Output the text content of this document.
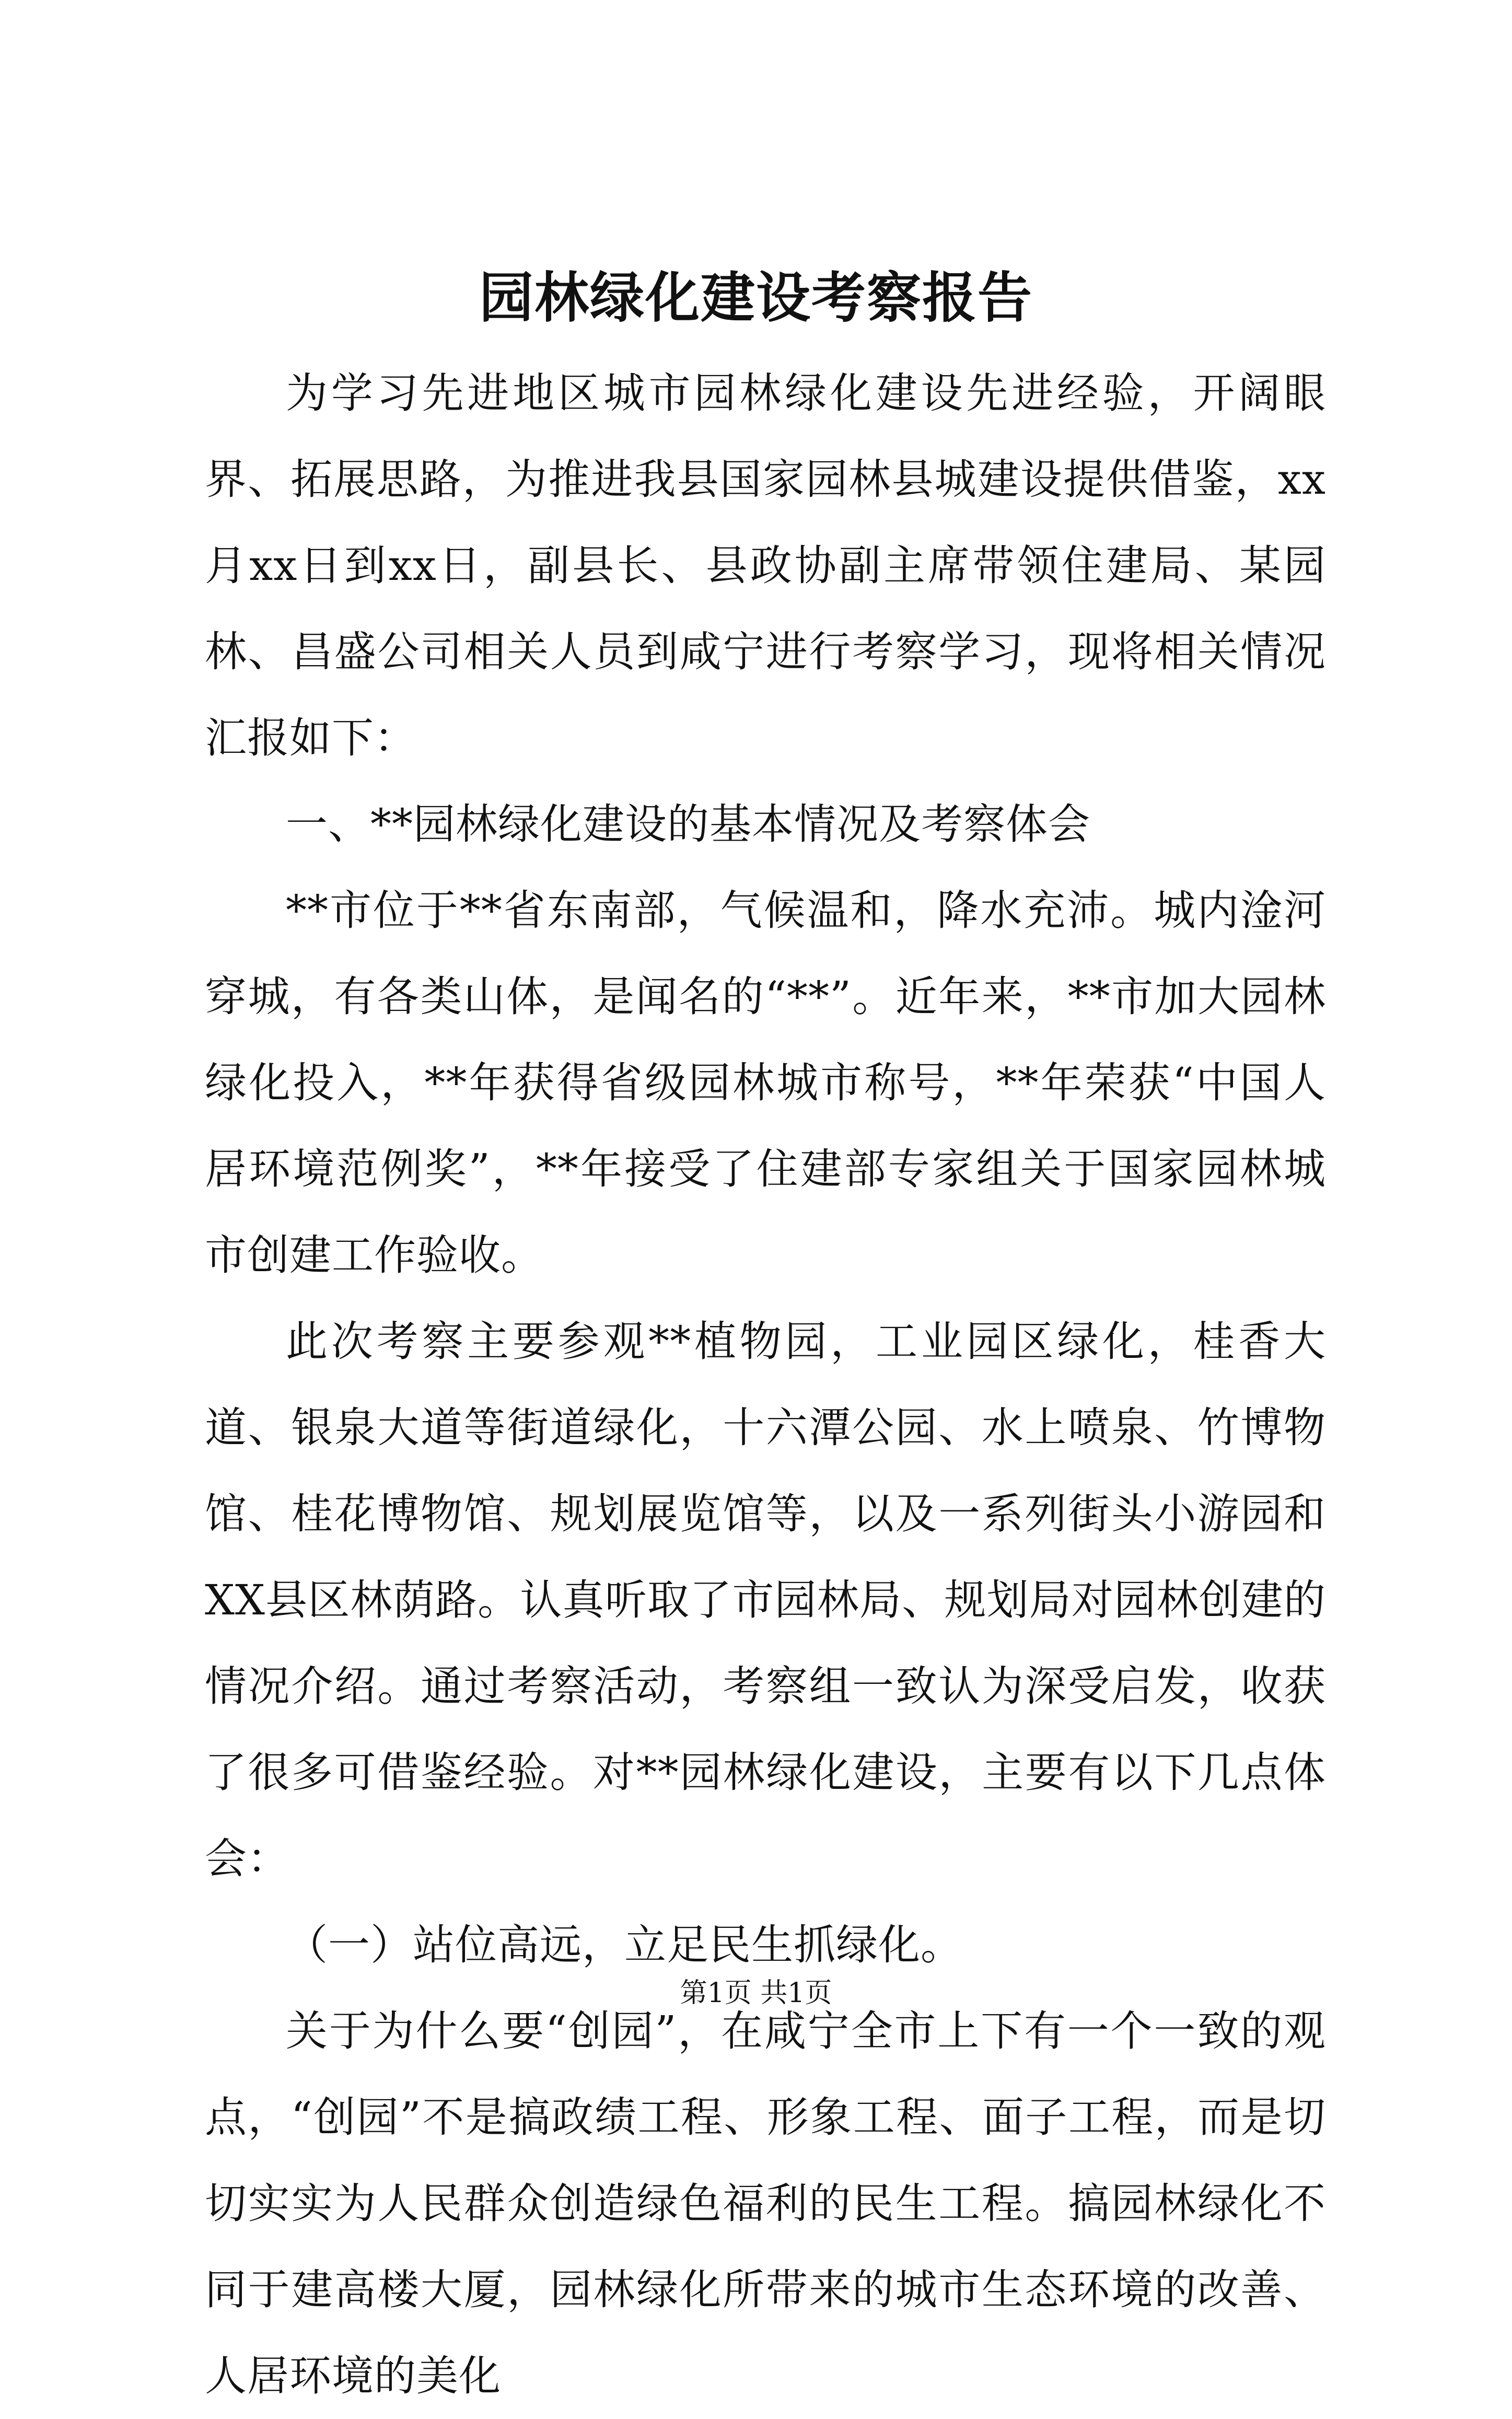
园林绿化建设考察报告

为学习先进地区城市园林绿化建设先进经验，开阔眼界、拓展思路，为推进我县国家园林县城建设提供借鉴，xx月xx日到xx日，副县长、县政协副主席带领住建局、某园林、昌盛公司相关人员到咸宁进行考察学习，现将相关情况汇报如下：

一、**园林绿化建设的基本情况及考察体会

**市位于**省东南部，气候温和，降水充沛。城内淦河穿城，有各类山体，是闻名的“**”。近年来，**市加大园林绿化投入，**年获得省级园林城市称号，**年荣获“中国人居环境范例奖”，**年接受了住建部专家组关于国家园林城市创建工作验收。

此次考察主要参观**植物园，工业园区绿化，桂香大道、银泉大道等街道绿化，十六潭公园、水上喷泉、竹博物馆、桂花博物馆、规划展览馆等，以及一系列街头小游园和XX县区林荫路。认真听取了市园林局、规划局对园林创建的情况介绍。通过考察活动，考察组一致认为深受启发，收获了很多可借鉴经验。对**园林绿化建设，主要有以下几点体会：

（一）站位高远，立足民生抓绿化。

关于为什么要“创园”，在咸宁全市上下有一个一致的观点，“创园”不是搞政绩工程、形象工程、面子工程，而是切切实实为人民群众创造绿色福利的民生工程。搞园林绿化不同于建高楼大厦，园林绿化所带来的城市生态环境的改善、人居环境的美化

第1页 共1页
